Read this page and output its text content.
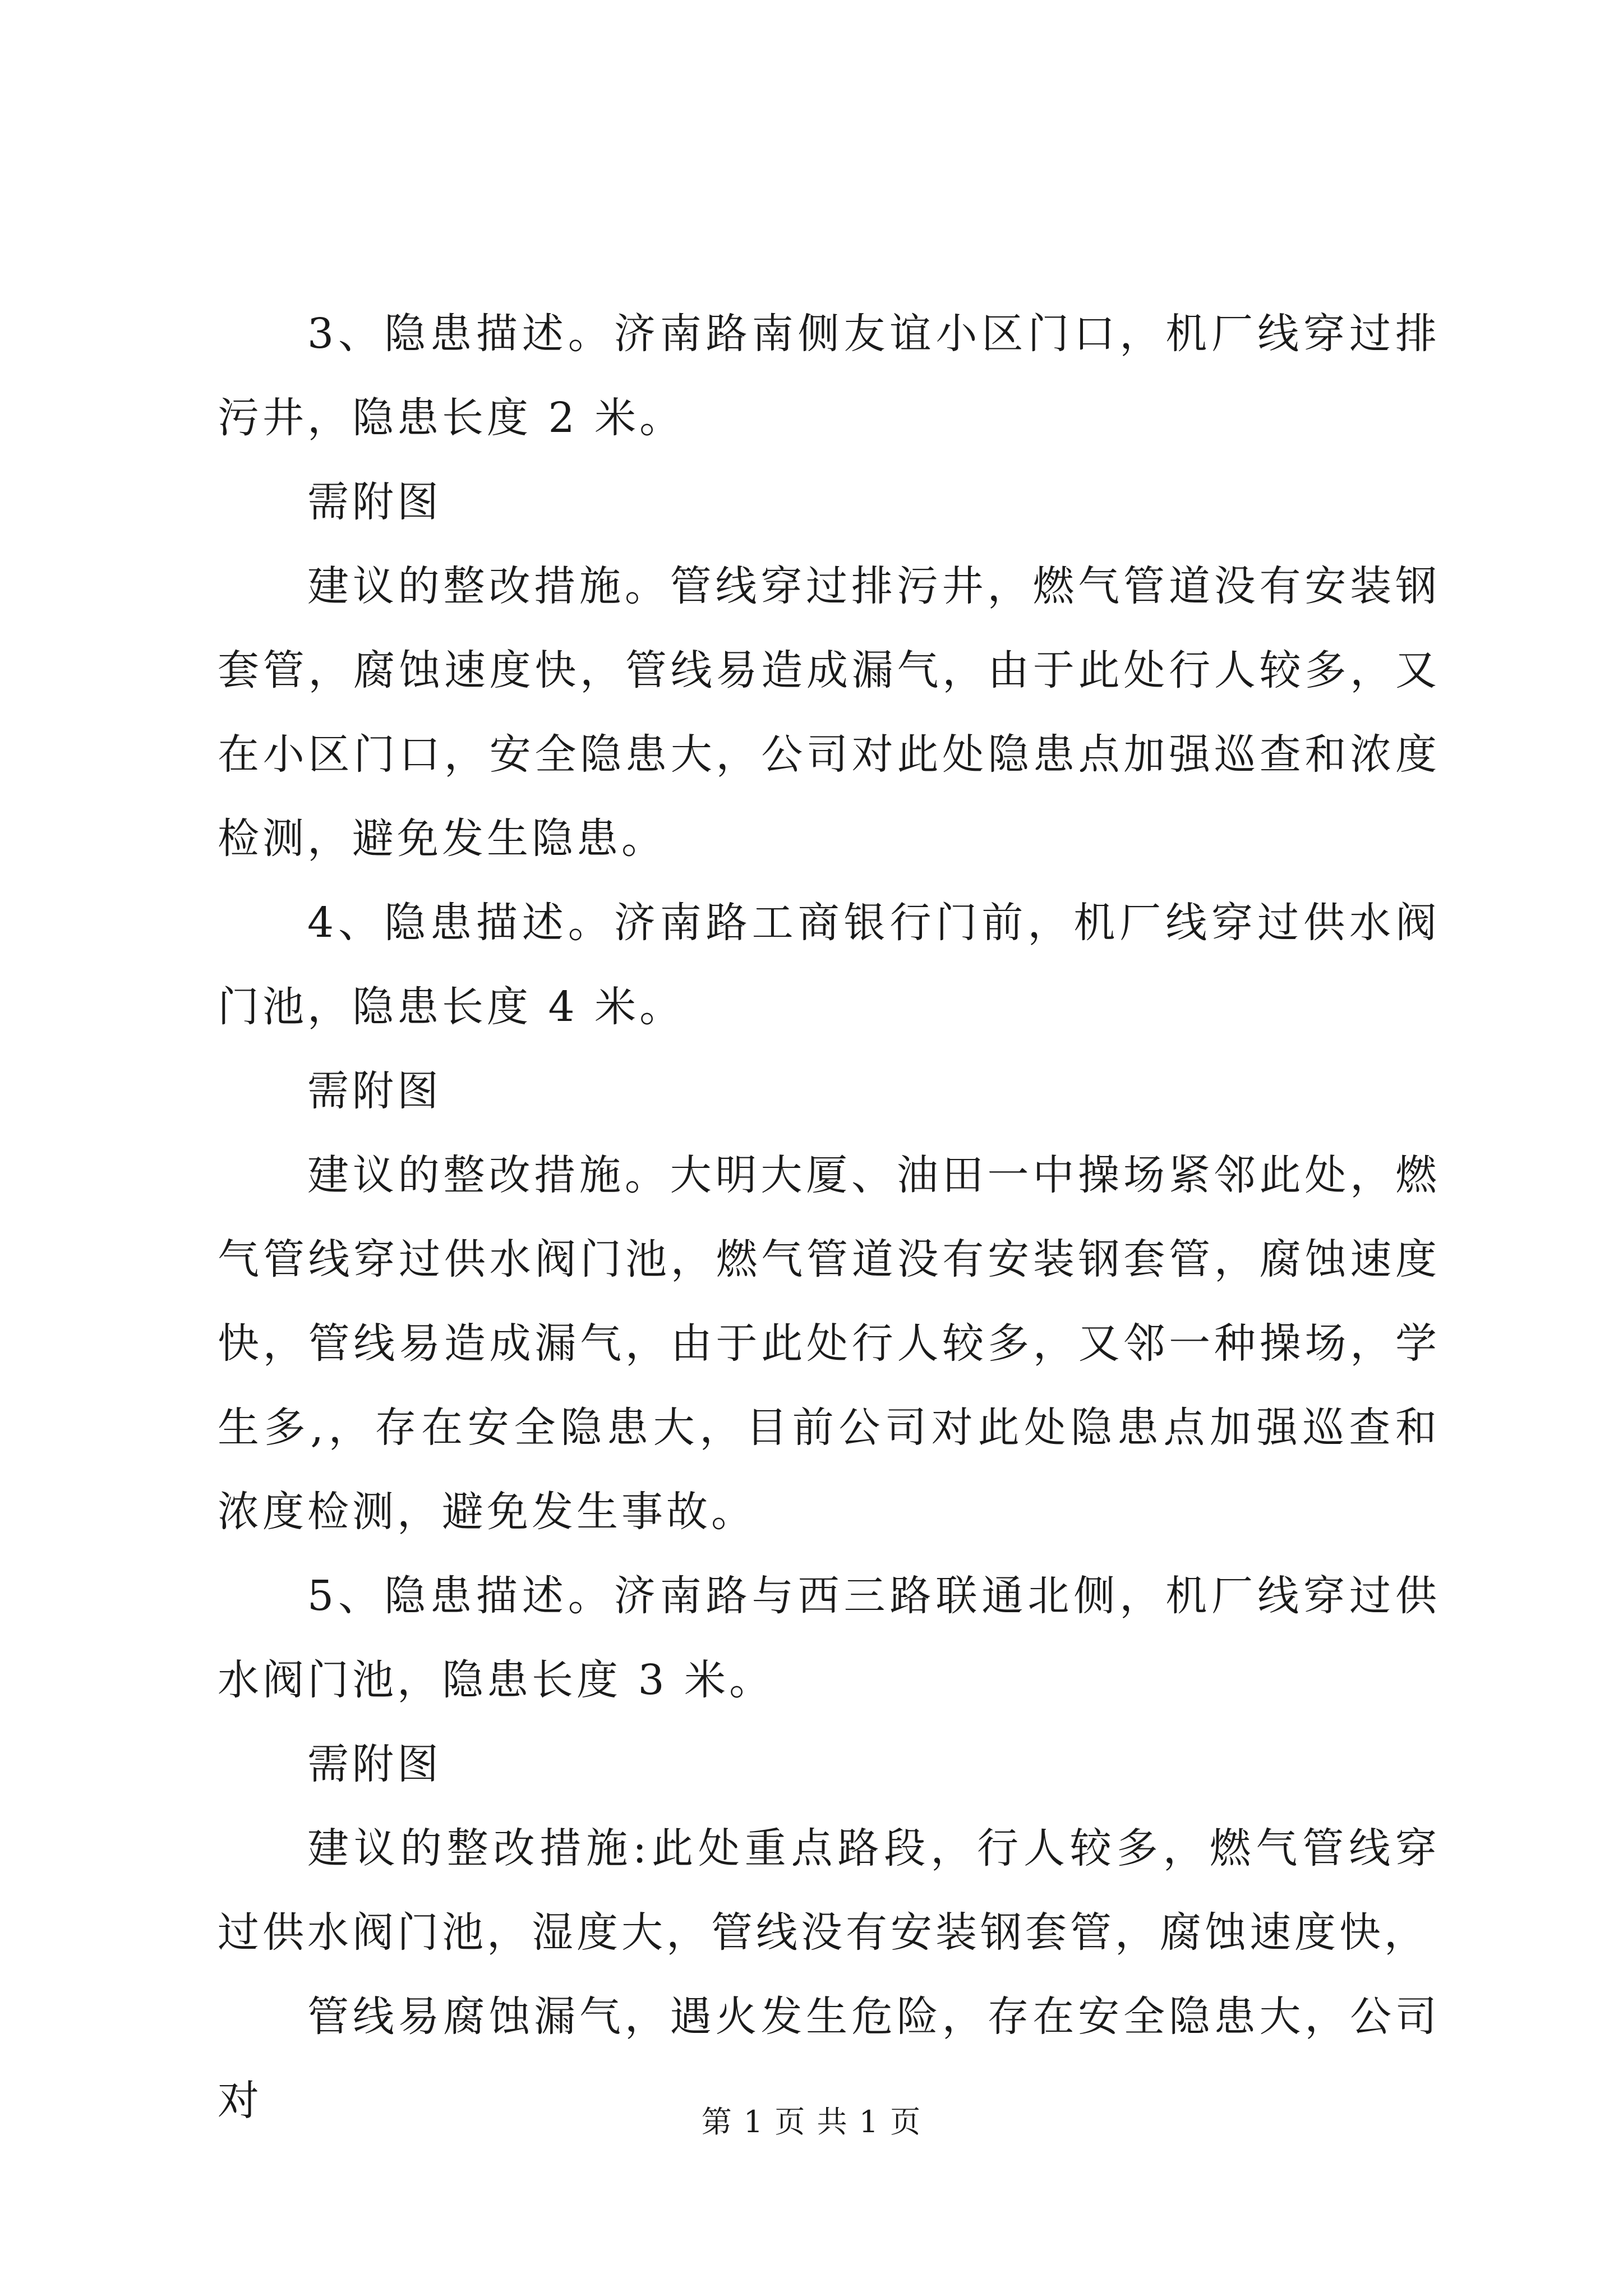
3、隐患描述。济南路南侧友谊小区门口，机厂线穿过排污井，隐患长度 2 米。

需附图

建议的整改措施。管线穿过排污井，燃气管道没有安装钢套管，腐蚀速度快，管线易造成漏气，由于此处行人较多，又在小区门口，安全隐患大，公司对此处隐患点加强巡查和浓度检测，避免发生隐患。

4、隐患描述。济南路工商银行门前，机厂线穿过供水阀门池，隐患长度 4 米。

需附图

建议的整改措施。大明大厦、油田一中操场紧邻此处，燃气管线穿过供水阀门池，燃气管道没有安装钢套管，腐蚀速度快，管线易造成漏气，由于此处行人较多，又邻一种操场，学生多,，存在安全隐患大，目前公司对此处隐患点加强巡查和浓度检测，避免发生事故。

5、隐患描述。济南路与西三路联通北侧，机厂线穿过供水阀门池，隐患长度 3 米。

需附图

建议的整改措施:此处重点路段，行人较多，燃气管线穿过供水阀门池，湿度大，管线没有安装钢套管，腐蚀速度快，

管线易腐蚀漏气，遇火发生危险，存在安全隐患大，公司对	第 1 页 共 1 页
